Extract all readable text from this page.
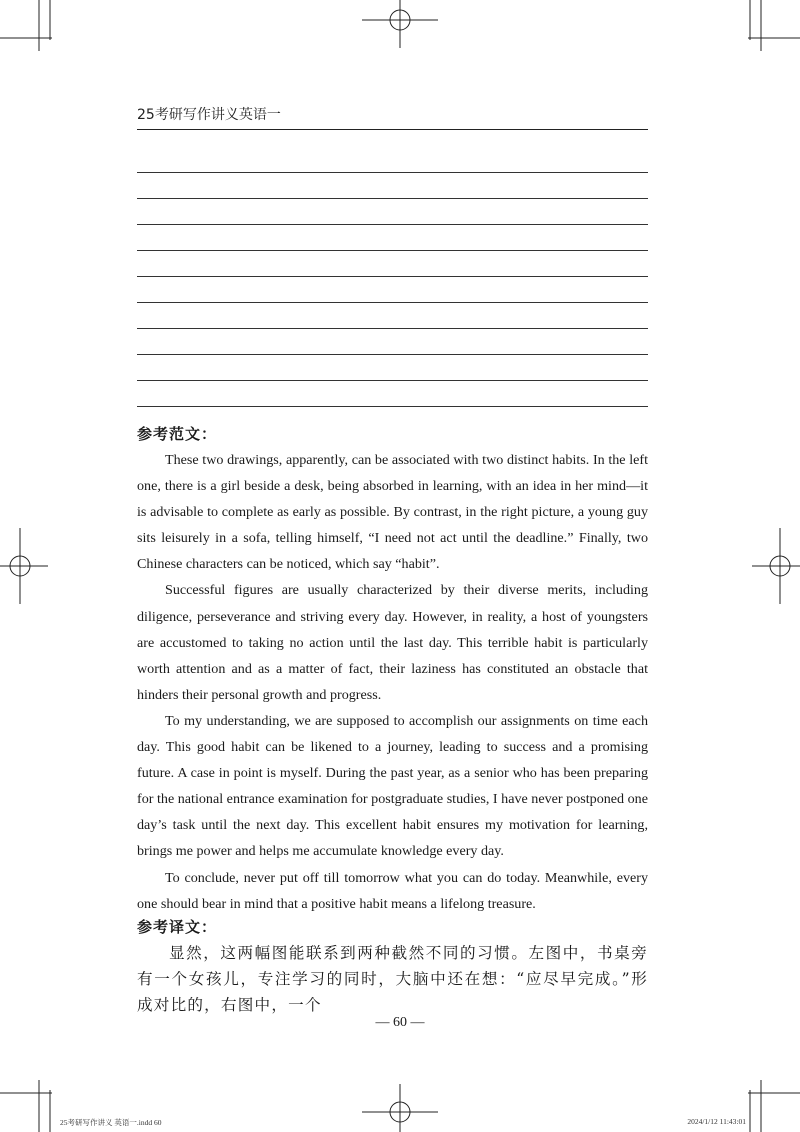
25考研写作讲义英语一
参考范文：

These two drawings, apparently, can be associated with two distinct habits. In the left one, there is a girl beside a desk, being absorbed in learning, with an idea in her mind—it is advisable to complete as early as possible. By contrast, in the right picture, a young guy sits leisurely in a sofa, telling himself, “I need not act until the deadline.” Finally, two Chinese characters can be noticed, which say “habit”.

Successful figures are usually characterized by their diverse merits, including diligence, perseverance and striving every day. However, in reality, a host of youngsters are accustomed to taking no action until the last day. This terrible habit is particularly worth attention and as a matter of fact, their laziness has constituted an obstacle that hinders their personal growth and progress.

To my understanding, we are supposed to accomplish our assignments on time each day. This good habit can be likened to a journey, leading to success and a promising future. A case in point is myself. During the past year, as a senior who has been preparing for the national entrance examination for postgraduate studies, I have never postponed one day’s task until the next day. This excellent habit ensures my motivation for learning, brings me power and helps me accumulate knowledge every day.

To conclude, never put off till tomorrow what you can do today. Meanwhile, every one should bear in mind that a positive habit means a lifelong treasure.

参考译文：

显然，这两幅图能联系到两种截然不同的习惯。左图中，书桌旁有一个女孩儿，专注学习的同时，大脑中还在想：“应尽早完成。”形成对比的，右图中，一个

— 60 —
25考研写作讲义 英语一.indd 60	2024/1/12 11:43:01
